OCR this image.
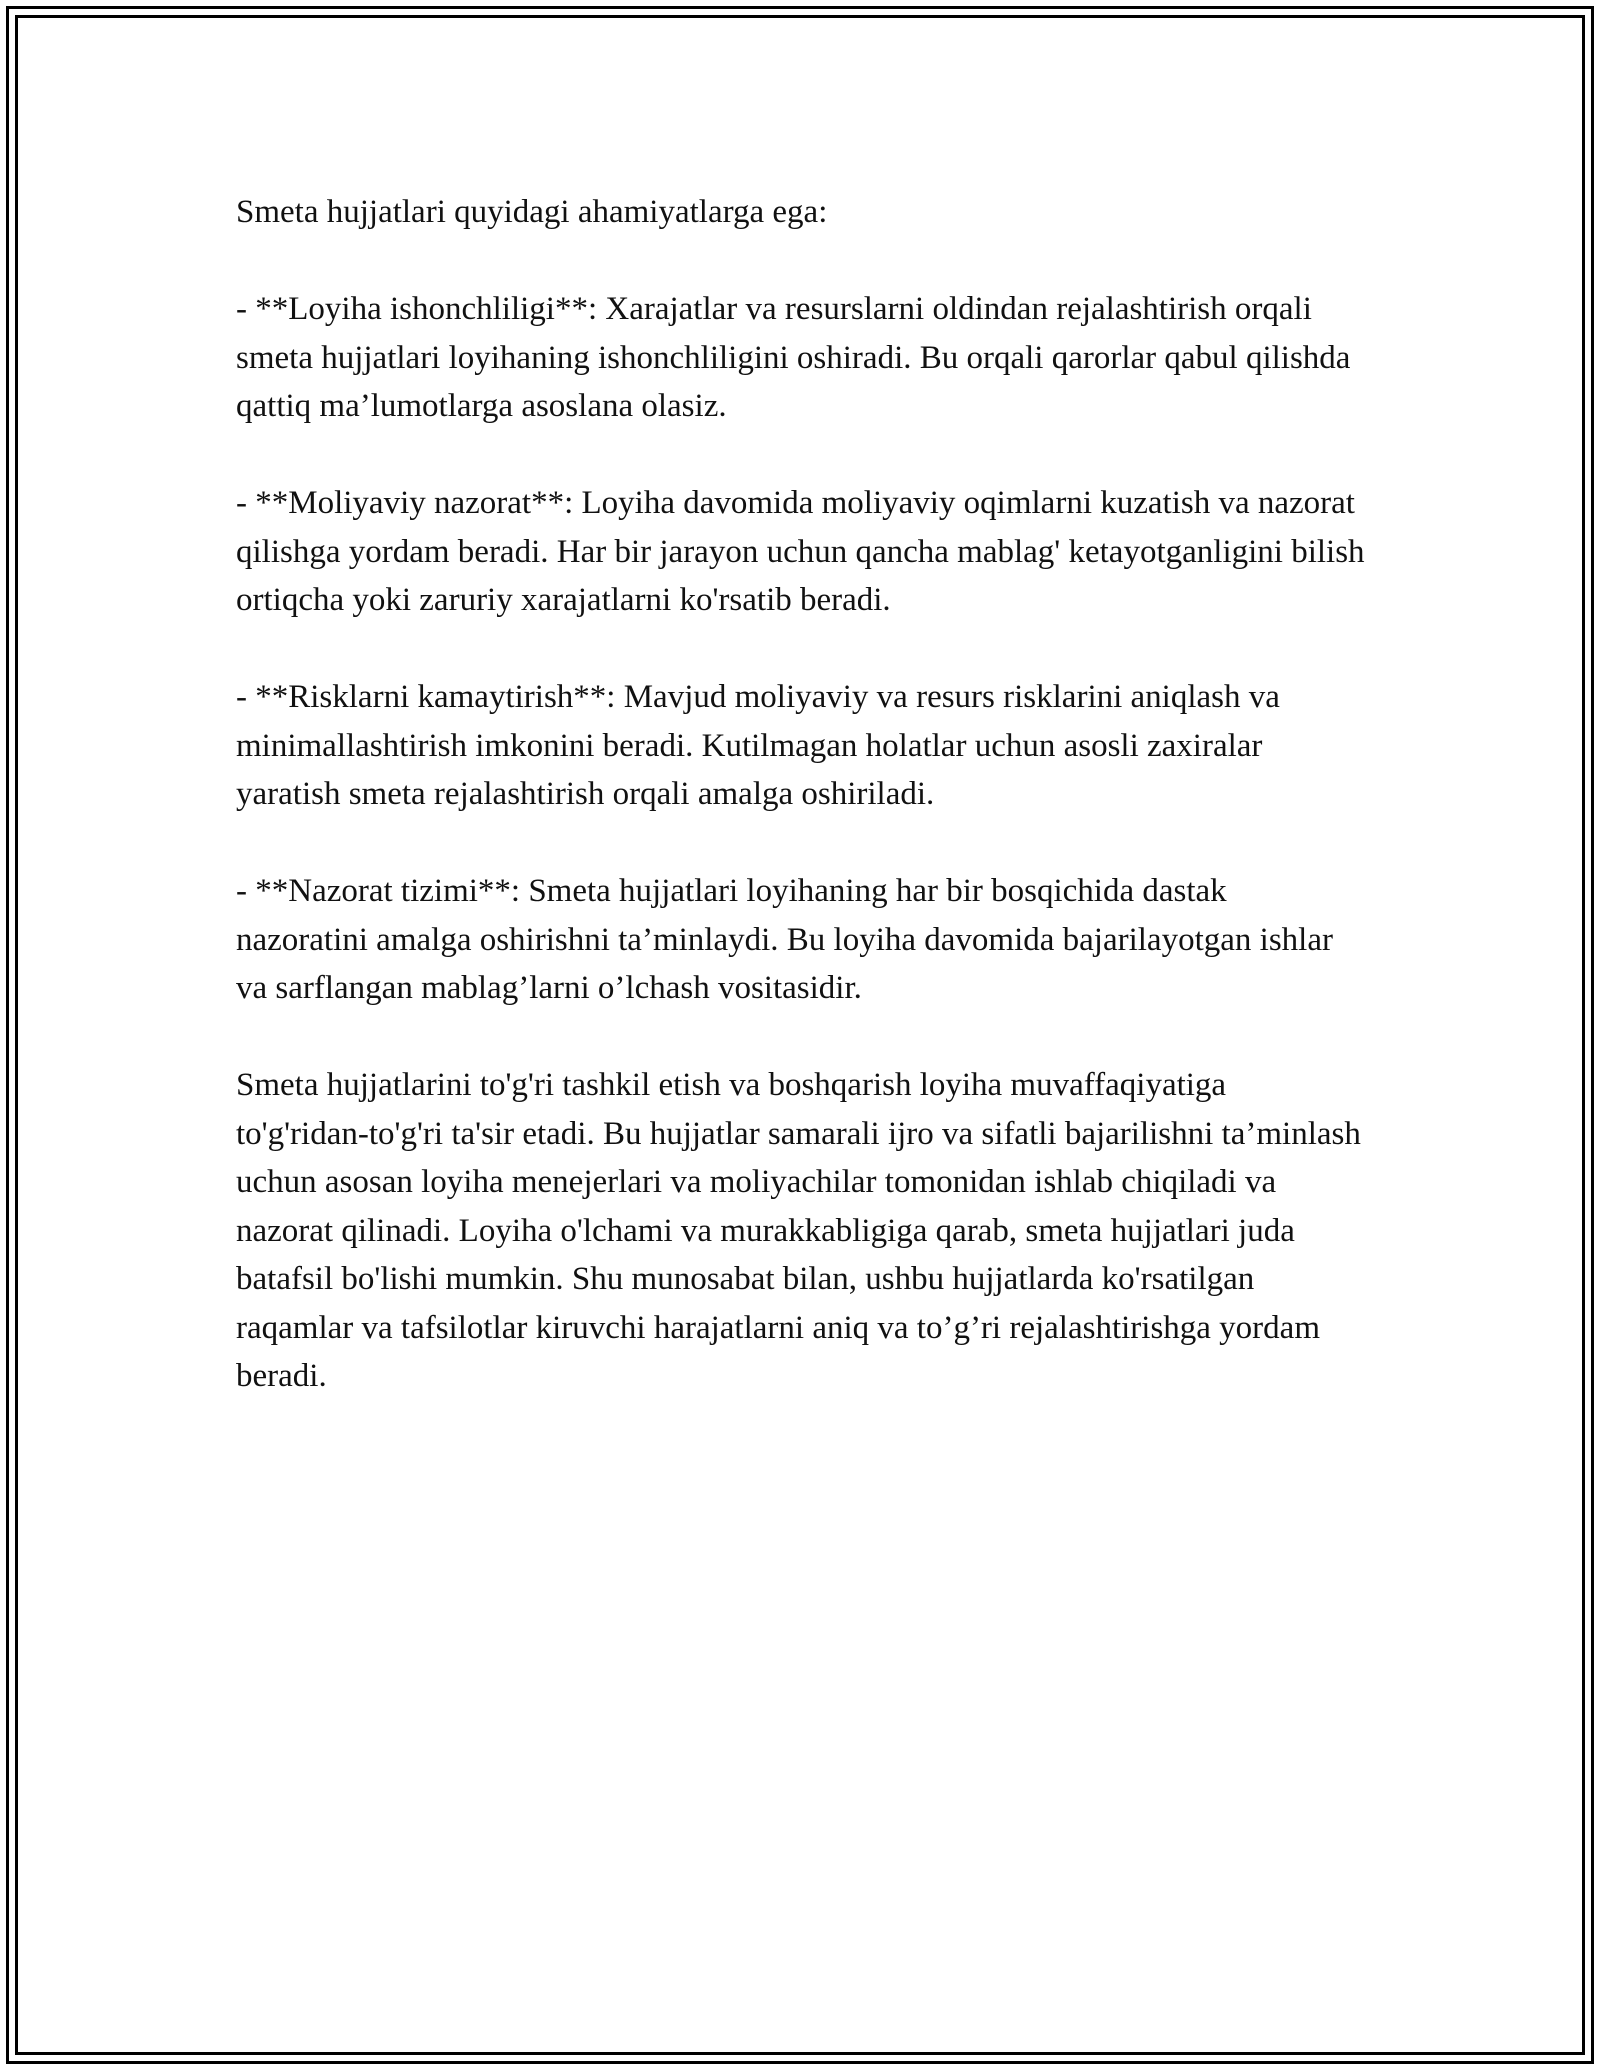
Smeta hujjatlari quyidagi ahamiyatlarga ega:

- **Loyiha ishonchliligi**: Xarajatlar va resurslarni oldindan rejalashtirish orqali smeta hujjatlari loyihaning ishonchliligini oshiradi. Bu orqali qarorlar qabul qilishda qattiq ma’lumotlarga asoslana olasiz.

- **Moliyaviy nazorat**: Loyiha davomida moliyaviy oqimlarni kuzatish va nazorat qilishga yordam beradi. Har bir jarayon uchun qancha mablag' ketayotganligini bilish ortiqcha yoki zaruriy xarajatlarni ko'rsatib beradi.

- **Risklarni kamaytirish**: Mavjud moliyaviy va resurs risklarini aniqlash va minimallashtirish imkonini beradi. Kutilmagan holatlar uchun asosli zaxiralar yaratish smeta rejalashtirish orqali amalga oshiriladi.

- **Nazorat tizimi**: Smeta hujjatlari loyihaning har bir bosqichida dastak nazoratini amalga oshirishni ta’minlaydi. Bu loyiha davomida bajarilayotgan ishlar va sarflangan mablag’larni o’lchash vositasidir.

Smeta hujjatlarini to'g'ri tashkil etish va boshqarish loyiha muvaffaqiyatiga to'g'ridan-to'g'ri ta'sir etadi. Bu hujjatlar samarali ijro va sifatli bajarilishni ta’minlash uchun asosan loyiha menejerlari va moliyachilar tomonidan ishlab chiqiladi va nazorat qilinadi. Loyiha o'lchami va murakkabligiga qarab, smeta hujjatlari juda batafsil bo'lishi mumkin. Shu munosabat bilan, ushbu hujjatlarda ko'rsatilgan raqamlar va tafsilotlar kiruvchi harajatlarni aniq va to’g’ri rejalashtirishga yordam beradi.
